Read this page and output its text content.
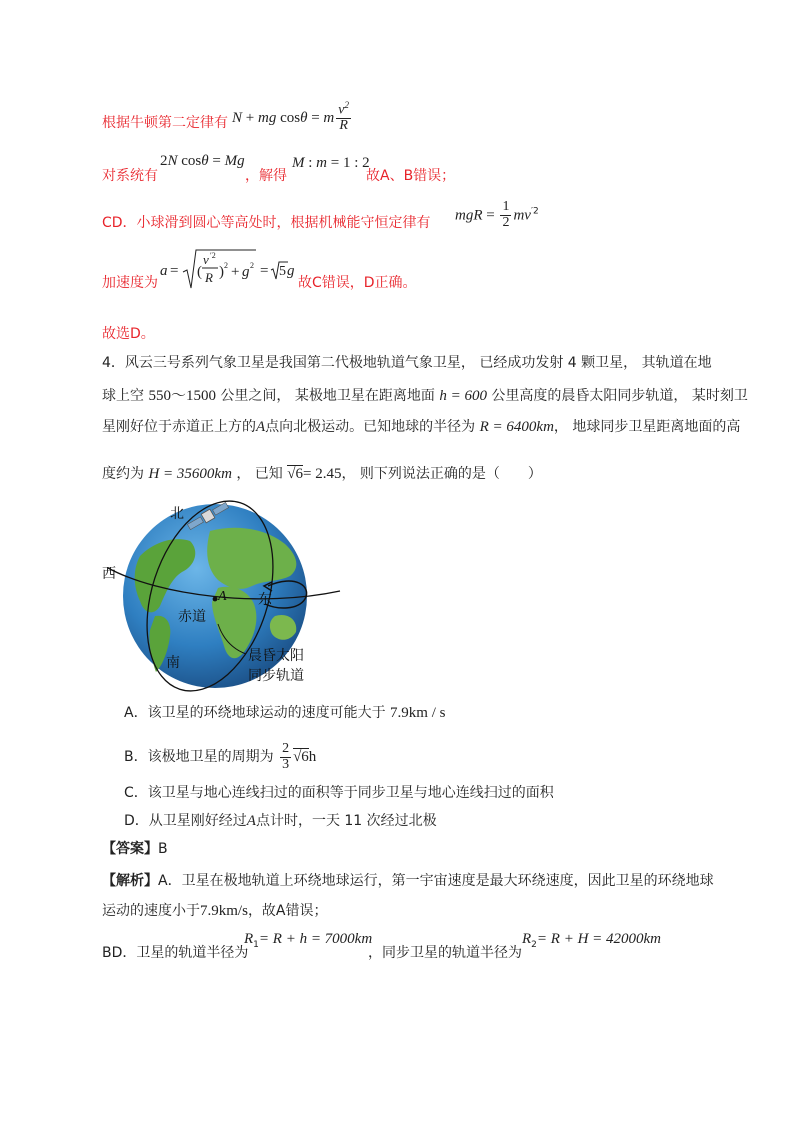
根据牛顿第二定律有 N + mg cosθ = m $\frac{v^2}{R}$
对系统有
2N cosθ = Mg
，解得
M : m = 1 : 2
故A、B错误；
CD．小球滑到圆心等高处时，根据机械能守恒定律有 mgR = $\frac{1}{2} mv^{'2}$
加速度为
a = (
v ′2
R ) 2 + g 2 = 5 g
故C错误，D正确。
故选D。
4．风云三号系列气象卫星是我国第二代极地轨道气象卫星， 已经成功发射 4 颗卫星， 其轨道在地
球上空 550～1500 公里之间， 某极地卫星在距离地面 h = 600 公里高度的晨昏太阳同步轨道， 某时刻卫
星刚好位于赤道正上方的A点向北极运动。已知地球的半径为 R = 6400km， 地球同步卫星距离地面的高
度约为 H = 35600km ， 已知 √6= 2.45， 则下列说法正确的是（　　）
北
西
东
赤道
南
A
晨昏太阳
同步轨道
A．该卫星的环绕地球运动的速度可能大于 7.9km / s
B．该极地卫星的周期为 $\frac{2}{3} √6h$
C．该卫星与地心连线扫过的面积等于同步卫星与地心连线扫过的面积
D．从卫星刚好经过A点计时，一天 11 次经过北极
【答案】B
【解析】A．卫星在极地轨道上环绕地球运行，第一宇宙速度是最大环绕速度，因此卫星的环绕地球
运动的速度小于7.9km/s，故A错误；
BD．卫星的轨道半径为
$R_1= R + h = 7000km$
，同步卫星的轨道半径为
$R_2= R + H = 42000km$
